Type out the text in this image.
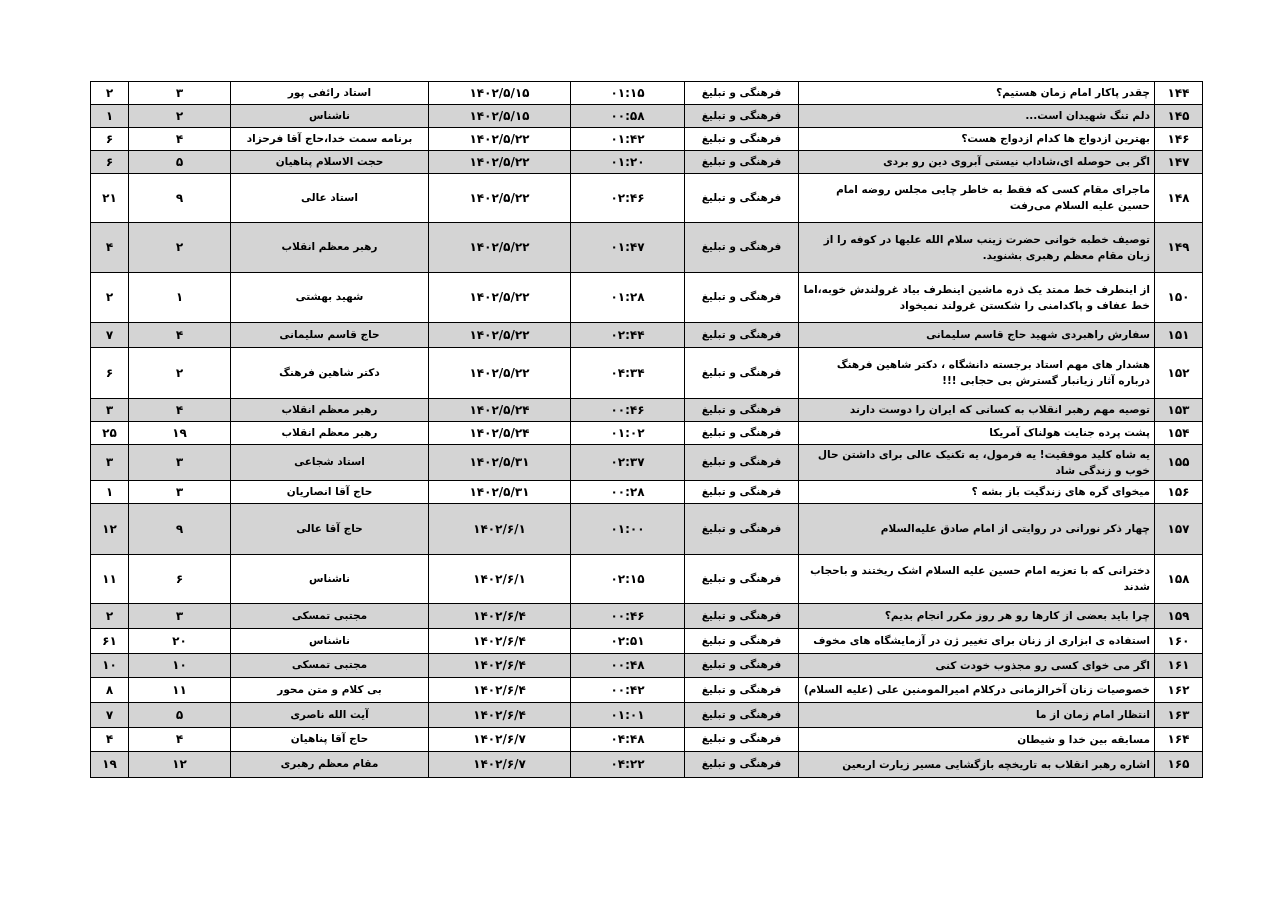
۱۴۴	چقدر پاکار امام زمان هستیم؟	فرهنگی و تبلیغ	۰۱:۱۵	۱۴۰۲/۵/۱۵	استاد رائفی پور	۳	۲
۱۴۵	دلم تنگ شهیدان است...	فرهنگی و تبلیغ	۰۰:۵۸	۱۴۰۲/۵/۱۵	ناشناس	۲	۱
۱۴۶	بهترین ازدواج ها کدام ازدواج هست؟	فرهنگی و تبلیغ	۰۱:۴۲	۱۴۰۲/۵/۲۲	برنامه سمت خدا،حاج آقا فرحزاد	۴	۶
۱۴۷	اگر بی حوصله ای،شاداب نیستی آبروی دین رو بردی	فرهنگی و تبلیغ	۰۱:۲۰	۱۴۰۲/۵/۲۲	حجت الاسلام پناهیان	۵	۶
۱۴۸	ماجرای مقام کسی که فقط به خاطر چایی مجلس روضه امام حسین علیه السلام می‌رفت	فرهنگی و تبلیغ	۰۲:۴۶	۱۴۰۲/۵/۲۲	استاد عالی	۹	۲۱
۱۴۹	توصیف خطبه خوانی حضرت زینب سلام الله علیها در کوفه را از زبان مقام معظم رهبری بشنوید.	فرهنگی و تبلیغ	۰۱:۴۷	۱۴۰۲/۵/۲۲	رهبر معظم انقلاب	۲	۴
۱۵۰	از اینطرف خط ممتد یک ذره ماشین اینطرف بیاد غرولندش خوبه،اما خط عفاف و پاکدامنی را شکستن غرولند نمیخواد	فرهنگی و تبلیغ	۰۱:۲۸	۱۴۰۲/۵/۲۲	شهید بهشتی	۱	۲
۱۵۱	سفارش راهبردی شهید حاج قاسم سلیمانی	فرهنگی و تبلیغ	۰۲:۴۴	۱۴۰۲/۵/۲۲	حاج قاسم سلیمانی	۴	۷
۱۵۲	هشدار های مهم استاد برجسته دانشگاه ، دکتر شاهین فرهنگ درباره آثار زیانبار گسترش بی حجابی !!!	فرهنگی و تبلیغ	۰۴:۳۴	۱۴۰۲/۵/۲۲	دکتر شاهین فرهنگ	۲	۶
۱۵۳	توصیه مهم رهبر انقلاب به کسانی که ایران را دوست دارند	فرهنگی و تبلیغ	۰۰:۴۶	۱۴۰۲/۵/۲۴	رهبر معظم انقلاب	۴	۳
۱۵۴	پشت پرده جنایت هولناک آمریکا	فرهنگی و تبلیغ	۰۱:۰۲	۱۴۰۲/۵/۲۴	رهبر معظم انقلاب	۱۹	۲۵
۱۵۵	یه شاه کلید موفقیت! یه فرمول، یه تکنیک عالی برای داشتن حال خوب و زندگی شاد	فرهنگی و تبلیغ	۰۲:۳۷	۱۴۰۲/۵/۳۱	استاد شجاعی	۳	۳
۱۵۶	میخوای گره های زندگیت باز بشه ؟	فرهنگی و تبلیغ	۰۰:۲۸	۱۴۰۲/۵/۳۱	حاج آقا انصاریان	۳	۱
۱۵۷	چهار ذکر نورانی در روایتی از امام صادق علیه‌السلام	فرهنگی و تبلیغ	۰۱:۰۰	۱۴۰۲/۶/۱	حاج آقا عالی	۹	۱۲
۱۵۸	دخترانی که با تعزیه امام حسین علیه السلام اشک ریختند و باحجاب شدند	فرهنگی و تبلیغ	۰۲:۱۵	۱۴۰۲/۶/۱	ناشناس	۶	۱۱
۱۵۹	چرا باید بعضی از کارها رو هر روز مکرر انجام بدیم؟	فرهنگی و تبلیغ	۰۰:۴۶	۱۴۰۲/۶/۴	مجتبی تمسکی	۳	۲
۱۶۰	استفاده ی ابزاری از زنان برای تغییر ژن در آزمایشگاه های مخوف	فرهنگی و تبلیغ	۰۲:۵۱	۱۴۰۲/۶/۴	ناشناس	۲۰	۶۱
۱۶۱	اگر می خوای کسی رو مجذوب خودت کنی	فرهنگی و تبلیغ	۰۰:۴۸	۱۴۰۲/۶/۴	مجتبی تمسکی	۱۰	۱۰
۱۶۲	خصوصیات زنان آخرالزمانی درکلام امیرالمومنین علی (علیه السلام)	فرهنگی و تبلیغ	۰۰:۴۲	۱۴۰۲/۶/۴	بی کلام و متن محور	۱۱	۸
۱۶۳	انتظار امام زمان از ما	فرهنگی و تبلیغ	۰۱:۰۱	۱۴۰۲/۶/۴	آیت الله ناصری	۵	۷
۱۶۴	مسابقه بین خدا و شیطان	فرهنگی و تبلیغ	۰۴:۴۸	۱۴۰۲/۶/۷	حاج آقا پناهیان	۴	۴
۱۶۵	اشاره رهبر انقلاب به تاریخچه بازگشایی مسیر زیارت اربعین	فرهنگی و تبلیغ	۰۴:۲۲	۱۴۰۲/۶/۷	مقام معظم رهبری	۱۲	۱۹
